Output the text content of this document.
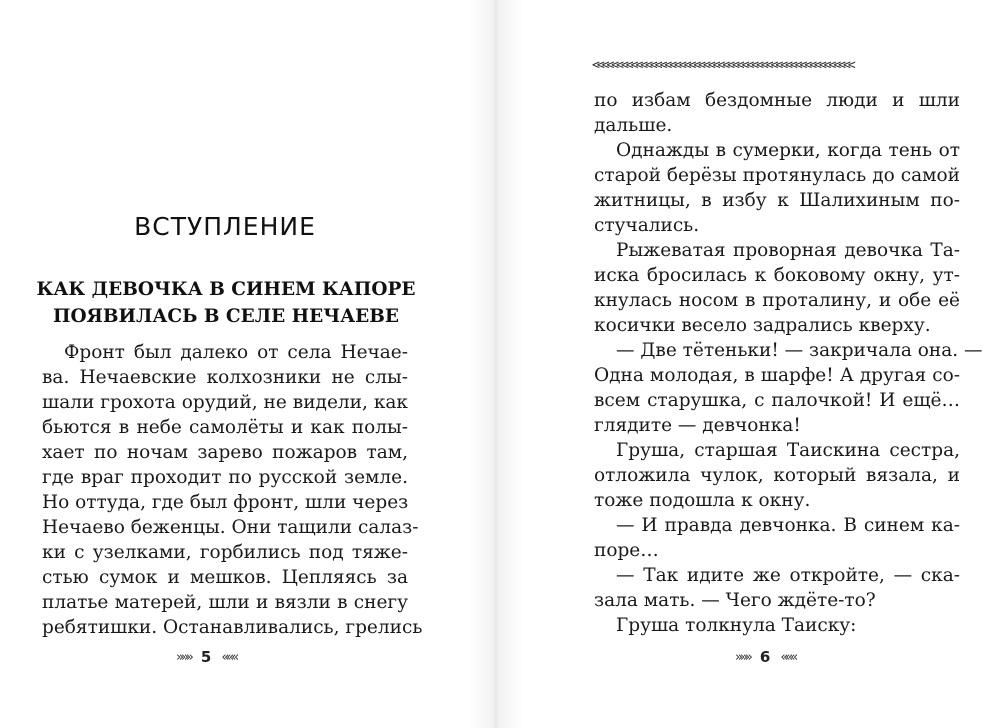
ВСТУПЛЕНИЕ
КАК ДЕВОЧКА В СИНЕМ КАПОРЕ
ПОЯВИЛАСЬ В СЕЛЕ НЕЧАЕВЕ
Фронт был далеко от села Нечае-
ва. Нечаевские колхозники не слы-
шали грохота орудий, не видели, как
бьются в небе самолёты и как полы-
хает по ночам зарево пожаров там,
где враг проходит по русской земле.
Но оттуда, где был фронт, шли через
Нечаево беженцы. Они тащили салаз-
ки с узелками, горбились под тяже-
стью сумок и мешков. Цепляясь за
платье матерей, шли и вязли в снегу
ребятишки. Останавливались, грелись
»»» 5 «««
<<<<<<<<<<<<<<<<<<<<<<<<<<<<<<<<<<<<<<<<<<<<<<<<<<<<<<
по избам бездомные люди и шли
дальше.
Однажды в сумерки, когда тень от
старой берёзы протянулась до самой
житницы, в избу к Шалихиным по-
стучались.
Рыжеватая проворная девочка Та-
иска бросилась к боковому окну, ут-
кнулась носом в проталину, и обе её
косички весело задрались кверху.
— Две тётеньки! — закричала она. —
Одна молодая, в шарфе! А другая со-
всем старушка, с палочкой! И ещё…
глядите — девчонка!
Груша, старшая Таискина сестра,
отложила чулок, который вязала, и
тоже подошла к окну.
— И правда девчонка. В синем ка-
поре…
— Так идите же откройте, — ска-
зала мать. — Чего ждёте-то?
Груша толкнула Таиску:
»»» 6 «««
